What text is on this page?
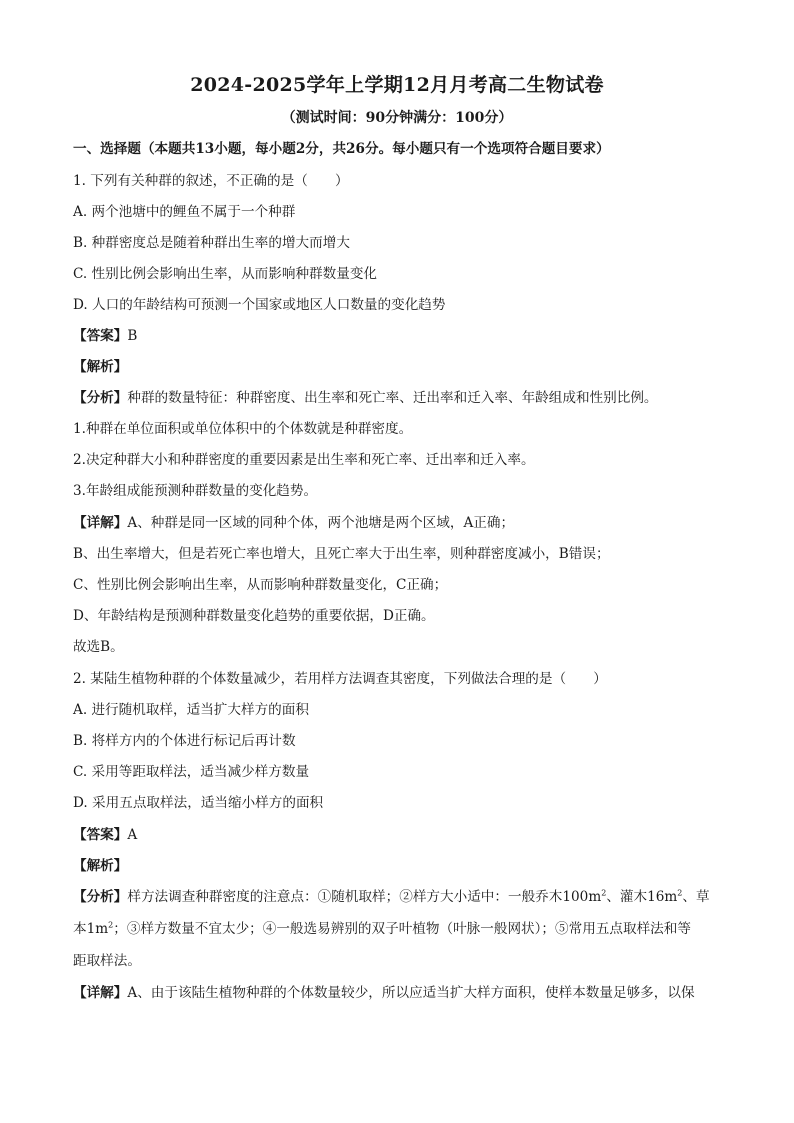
2024-2025学年上学期12月月考高二生物试卷
（测试时间：90分钟满分：100分）
一、选择题（本题共13小题，每小题2分，共26分。每小题只有一个选项符合题目要求）
1. 下列有关种群的叙述，不正确的是（　　）
A. 两个池塘中的鲤鱼不属于一个种群
B. 种群密度总是随着种群出生率的增大而增大
C. 性别比例会影响出生率，从而影响种群数量变化
D. 人口的年龄结构可预测一个国家或地区人口数量的变化趋势
【答案】B
【解析】
【分析】种群的数量特征：种群密度、出生率和死亡率、迁出率和迁入率、年龄组成和性别比例。
1.种群在单位面积或单位体积中的个体数就是种群密度。
2.决定种群大小和种群密度的重要因素是出生率和死亡率、迁出率和迁入率。
3.年龄组成能预测种群数量的变化趋势。
【详解】A、种群是同一区域的同种个体，两个池塘是两个区域，A正确；
B、出生率增大，但是若死亡率也增大，且死亡率大于出生率，则种群密度减小，B错误；
C、性别比例会影响出生率，从而影响种群数量变化，C正确；
D、年龄结构是预测种群数量变化趋势的重要依据，D正确。
故选B。
2. 某陆生植物种群的个体数量减少，若用样方法调查其密度，下列做法合理的是（　　）
A. 进行随机取样，适当扩大样方的面积
B. 将样方内的个体进行标记后再计数
C. 采用等距取样法，适当减少样方数量
D. 采用五点取样法，适当缩小样方的面积
【答案】A
【解析】
【分析】样方法调查种群密度的注意点：①随机取样；②样方大小适中：一般乔木$100m^2$、灌木$16m^2$、草
本$1m^2$；③样方数量不宜太少；④一般选易辨别的双子叶植物（叶脉一般网状）；⑤常用五点取样法和等
距取样法。
【详解】A、由于该陆生植物种群的个体数量较少，所以应适当扩大样方面积，使样本数量足够多，以保
